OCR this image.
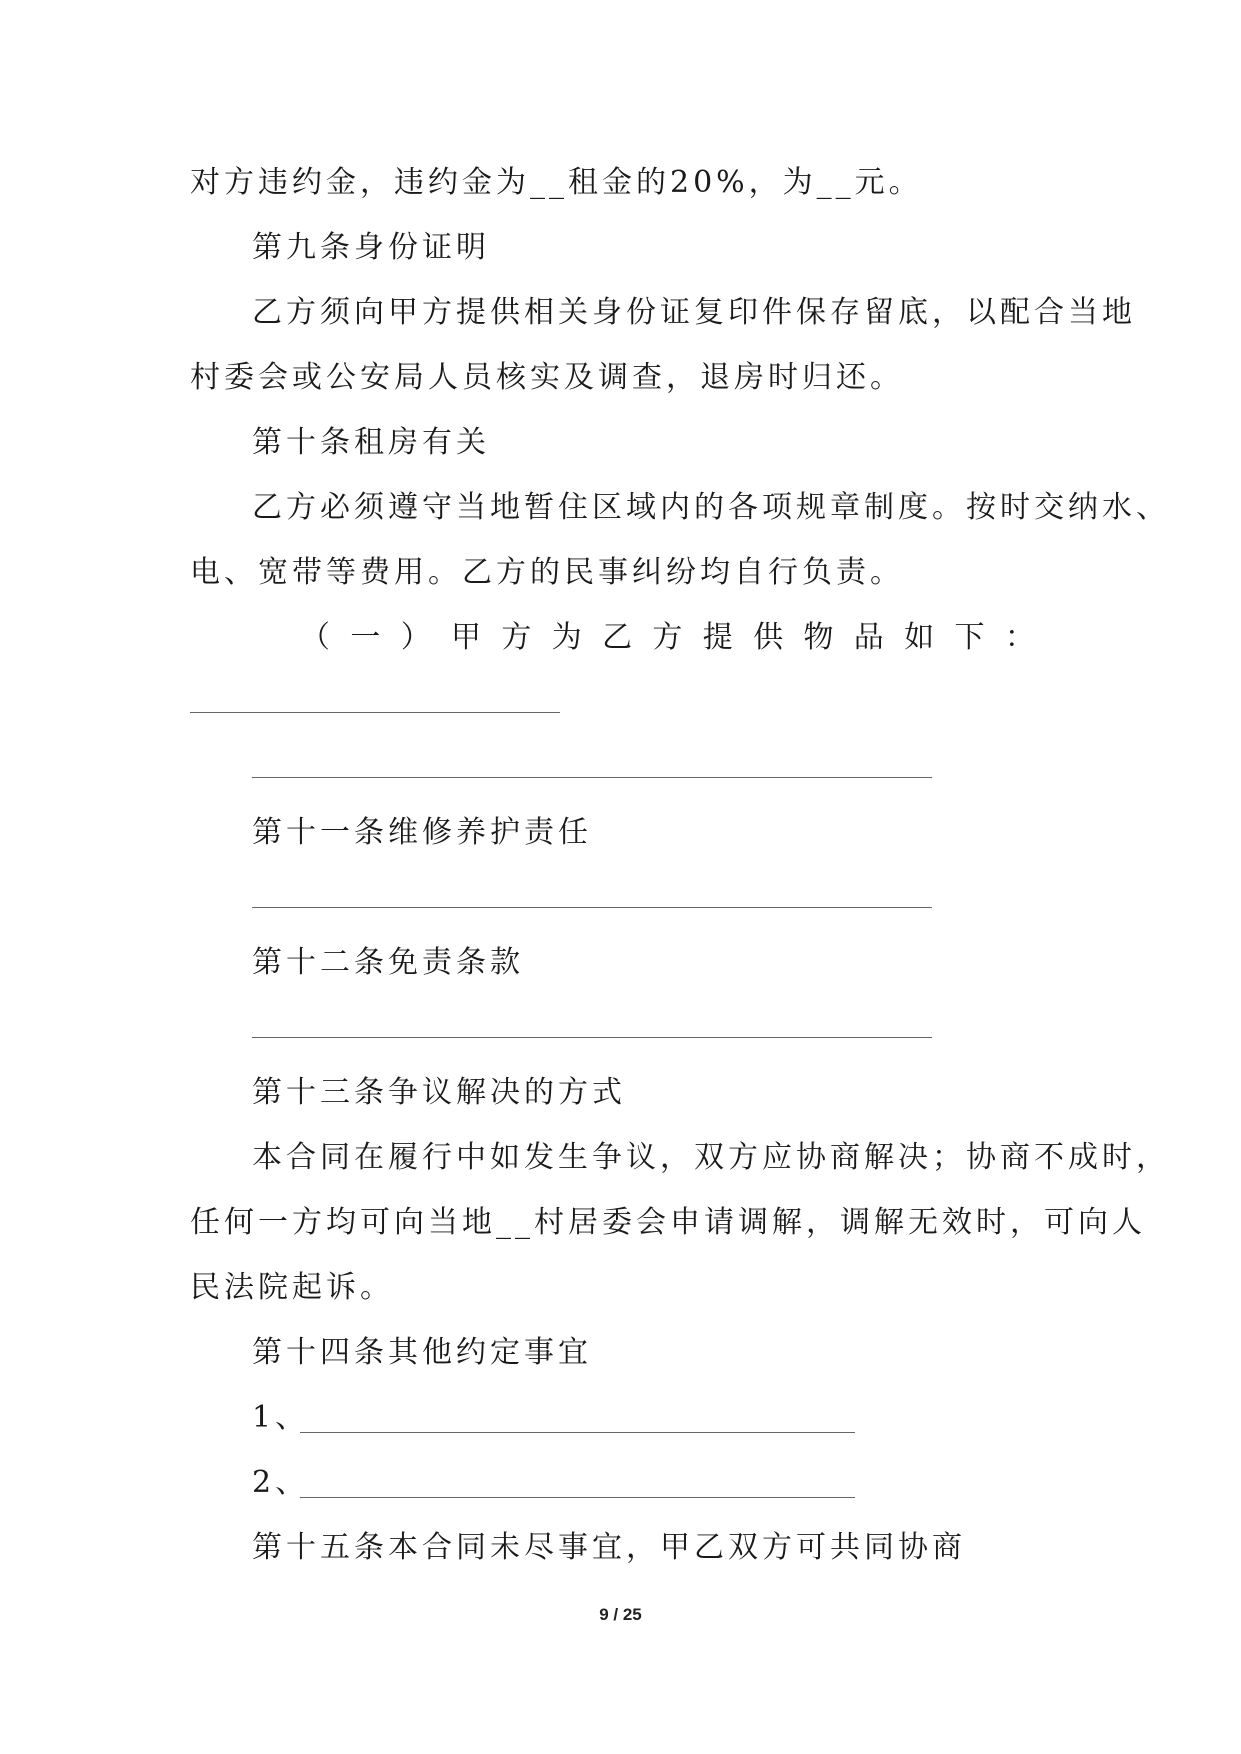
对方违约金，违约金为__租金的20%，为__元。
第九条身份证明
乙方须向甲方提供相关身份证复印件保存留底，以配合当地
村委会或公安局人员核实及调查，退房时归还。
第十条租房有关
乙方必须遵守当地暂住区域内的各项规章制度。按时交纳水、
电、宽带等费用。乙方的民事纠纷均自行负责。
（ 一 ） 甲 方 为 乙 方 提 供 物 品 如 下 ：
第十一条维修养护责任
第十二条免责条款
第十三条争议解决的方式
本合同在履行中如发生争议，双方应协商解决；协商不成时，
任何一方均可向当地__村居委会申请调解，调解无效时，可向人
民法院起诉。
第十四条其他约定事宜
1、
2、
第十五条本合同未尽事宜，甲乙双方可共同协商
9 / 25
